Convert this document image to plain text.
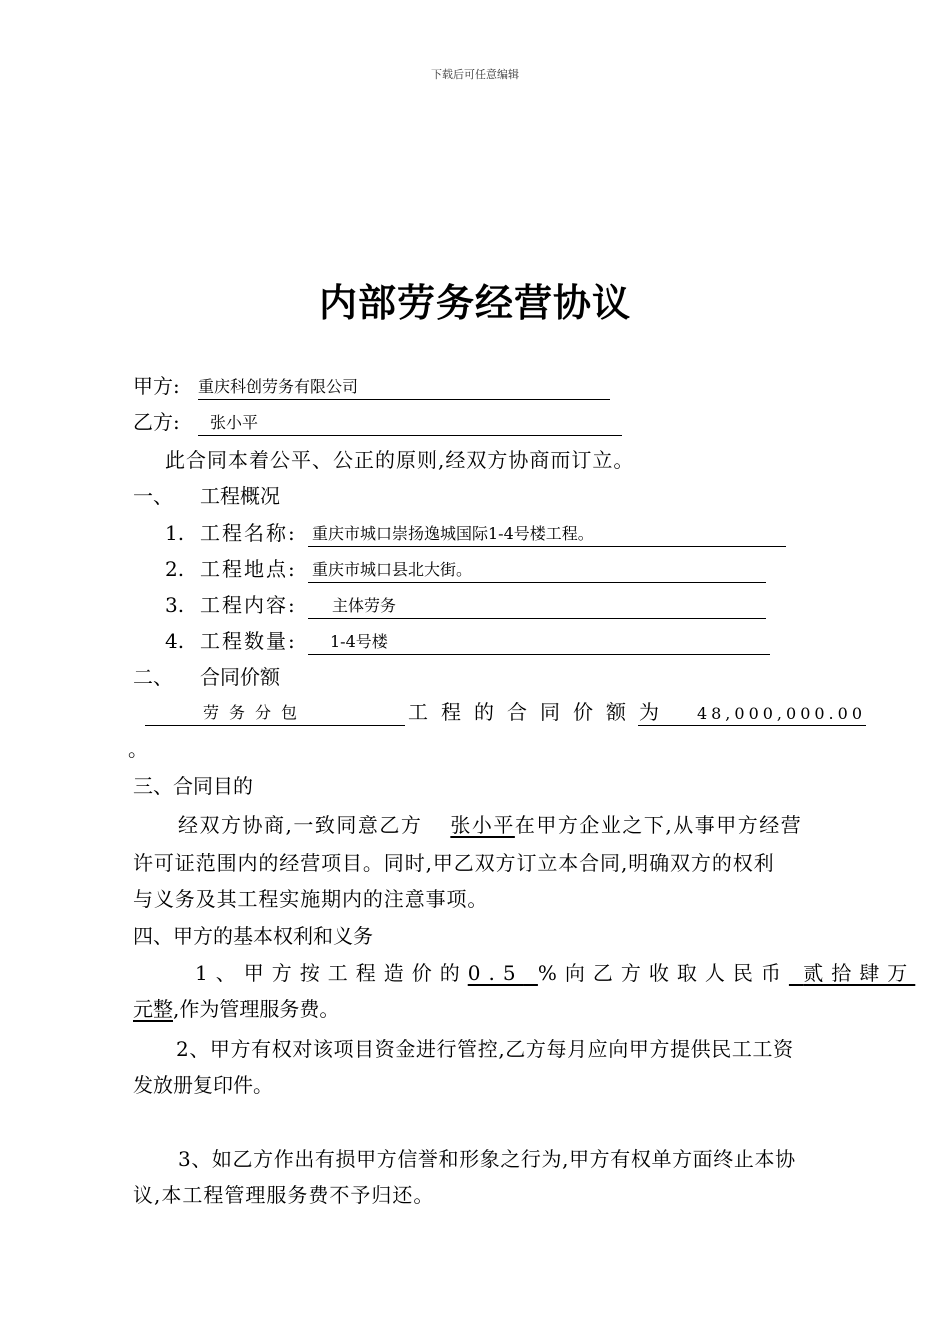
下载后可任意编辑
内部劳务经营协议
甲方: 重庆科创劳务有限公司
乙方: 张小平
此合同本着公平、公正的原则,经双方协商而订立。
一、 工程概况
1. 工程名称: 重庆市城口崇扬逸城国际1-4号楼工程。
2. 工程地点: 重庆市城口县北大街。
3. 工程内容: 主体劳务
4. 工程数量: 1-4号楼
二、 合同价额
劳务分包	工程的合同价额为 48,000,000.00
。
三、合同目的
经双方协商,一致同意乙方 张小平在甲方企业之下,从事甲方经营
许可证范围内的经营项目。同时,甲乙双方订立本合同,明确双方的权利
与义务及其工程实施期内的注意事项。
四、甲方的基本权利和义务
1、甲方按工程造价的0.5 %向乙方收取人民币 贰拾肆万
元整,作为管理服务费。
2、甲方有权对该项目资金进行管控,乙方每月应向甲方提供民工工资
发放册复印件。
3、如乙方作出有损甲方信誉和形象之行为,甲方有权单方面终止本协
议,本工程管理服务费不予归还。
